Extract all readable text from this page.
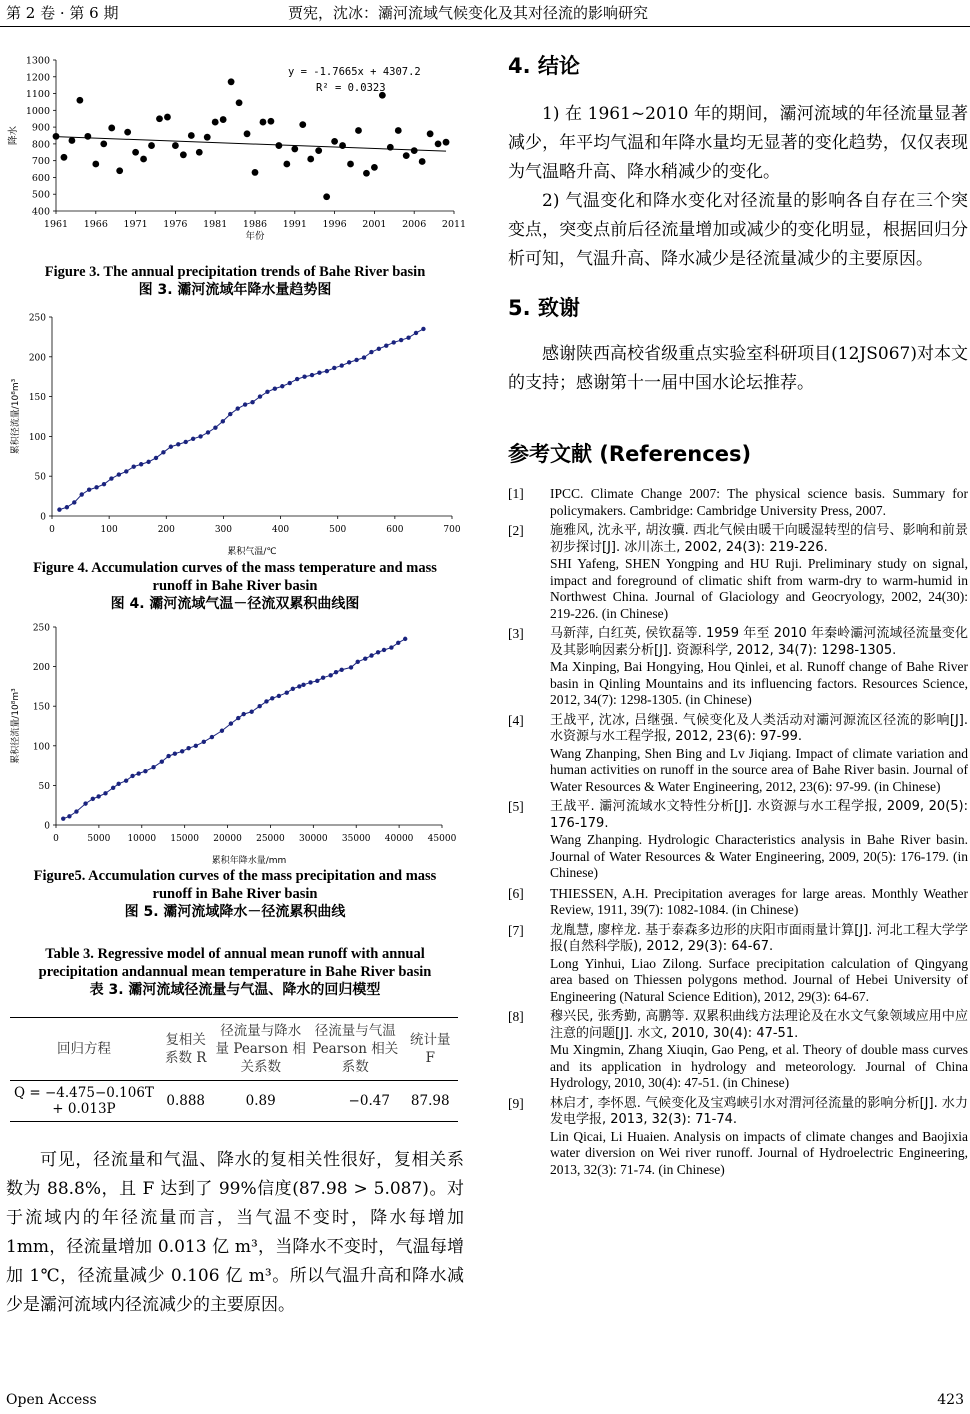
第 2 卷 · 第 6 期	贾宪，沈冰：灞河流域气候变化及其对径流的影响研究
400
500
600
700
800
900
1000
1100
1200
1300
1961 1966 1971 1976 1981 1986 1991 1996 2001 2006 2011
年份
降水
y = -1.7665x + 4307.2
R² = 0.0323

Figure 3. The annual precipitation trends of Bahe River basin

图 3. 灞河流域年降水量趋势图

0
50
100
150
200
250
0	100	200	300	400	500	600	700
累积气温/℃
累积径流量/10⁸m³

Figure 4. Accumulation curves of the mass temperature and mass

runoff in Bahe River basin

图 4. 灞河流域气温－径流双累积曲线图

0
50
100
150
200
250
0	5000 10000 15000 20000 25000 30000 35000 40000 45000
累积年降水量/mm
累积径流量/10⁸m³

Figure5. Accumulation curves of the mass precipitation and mass

runoff in Bahe River basin

图 5. 灞河流域降水－径流累积曲线

Table 3. Regressive model of annual mean runoff with annual

precipitation andannual mean temperature in Bahe River basin

表 3. 灞河流域径流量与气温、降水的回归模型

回归方程	复相关系数 R	径流量与降水量 Pearson 相关系数	径流量与气温 Pearson 相关系数	统计量 F
Q = −4.475−0.106T + 0.013P	0.888	0.89	−0.47	87.98

可见，径流量和气温、降水的复相关性很好，复相关系数为 88.8%，且 F 达到了 99%信度(87.98 > 5.087)。对于流域内的年径流量而言，当气温不变时，降水每增加 1mm，径流量增加 0.013 亿 m³，当降水不变时，气温每增加 1℃，径流量减少 0.106 亿 m³。所以气温升高和降水减少是灞河流域内径流减少的主要原因。

4. 结论

1) 在 1961~2010 年的期间，灞河流域的年径流量显著减少，年平均气温和年降水量均无显著的变化趋势，仅仅表现为气温略升高、降水稍减少的变化。

2) 气温变化和降水变化对径流量的影响各自存在三个突变点，突变点前后径流量增加或减少的变化明显，根据回归分析可知，气温升高、降水减少是径流量减少的主要原因。

5. 致谢

感谢陕西高校省级重点实验室科研项目(12JS067)对本文的支持；感谢第十一届中国水论坛推荐。

参考文献 (References)
[1] IPCC. Climate Change 2007: The physical science basis. Summary for policymakers. Cambridge: Cambridge University Press, 2007.
[2] 施雅风, 沈永平, 胡汝骥. 西北气候由暖干向暖湿转型的信号、影响和前景初步探讨[J]. 冰川冻土, 2002, 24(3): 219-226.
SHI Yafeng, SHEN Yongping and HU Ruji. Preliminary study on signal, impact and foreground of climatic shift from warm-dry to warm-humid in Northwest China. Journal of Glaciology and Geocryology, 2002, 24(30): 219-226. (in Chinese)
[3] 马新萍, 白红英, 侯钦磊等. 1959 年至 2010 年秦岭灞河流域径流量变化及其影响因素分析[J]. 资源科学, 2012, 34(7): 1298-1305.
Ma Xinping, Bai Hongying, Hou Qinlei, et al. Runoff change of Bahe River basin in Qinling Mountains and its influencing factors. Resources Science, 2012, 34(7): 1298-1305. (in Chinese)
[4] 王战平, 沈冰, 吕继强. 气候变化及人类活动对灞河源流区径流的影响[J]. 水资源与水工程学报, 2012, 23(6): 97-99.
Wang Zhanping, Shen Bing and Lv Jiqiang. Impact of climate variation and human activities on runoff in the source area of Bahe River basin. Journal of Water Resources & Water Engineering, 2012, 23(6): 97-99. (in Chinese)
[5] 王战平. 灞河流域水文特性分析[J]. 水资源与水工程学报, 2009, 20(5): 176-179.
Wang Zhanping. Hydrologic Characteristics analysis in Bahe River basin. Journal of Water Resources & Water Engineering, 2009, 20(5): 176-179. (in Chinese)
[6] THIESSEN, A.H. Precipitation averages for large areas. Monthly Weather Review, 1911, 39(7): 1082-1084. (in Chinese)
[7] 龙胤慧, 廖梓龙. 基于泰森多边形的庆阳市面雨量计算[J]. 河北工程大学学报(自然科学版), 2012, 29(3): 64-67.
Long Yinhui, Liao Zilong. Surface precipitation calculation of Qingyang area based on Thiessen polygons method. Journal of Hebei University of Engineering (Natural Science Edition), 2012, 29(3): 64-67.
[8] 穆兴民, 张秀勤, 高鹏等. 双累积曲线方法理论及在水文气象领域应用中应注意的问题[J]. 水文, 2010, 30(4): 47-51.
Mu Xingmin, Zhang Xiuqin, Gao Peng, et al. Theory of double mass curves and its application in hydrology and meteorology. Journal of China Hydrology, 2010, 30(4): 47-51. (in Chinese)
[9] 林启才, 李怀恩. 气候变化及宝鸡峡引水对渭河径流量的影响分析[J]. 水力发电学报, 2013, 32(3): 71-74.
Lin Qicai, Li Huaien. Analysis on impacts of climate changes and Baojixia water diversion on Wei river runoff. Journal of Hydroelectric Engineering, 2013, 32(3): 71-74. (in Chinese)
Open Access	423
